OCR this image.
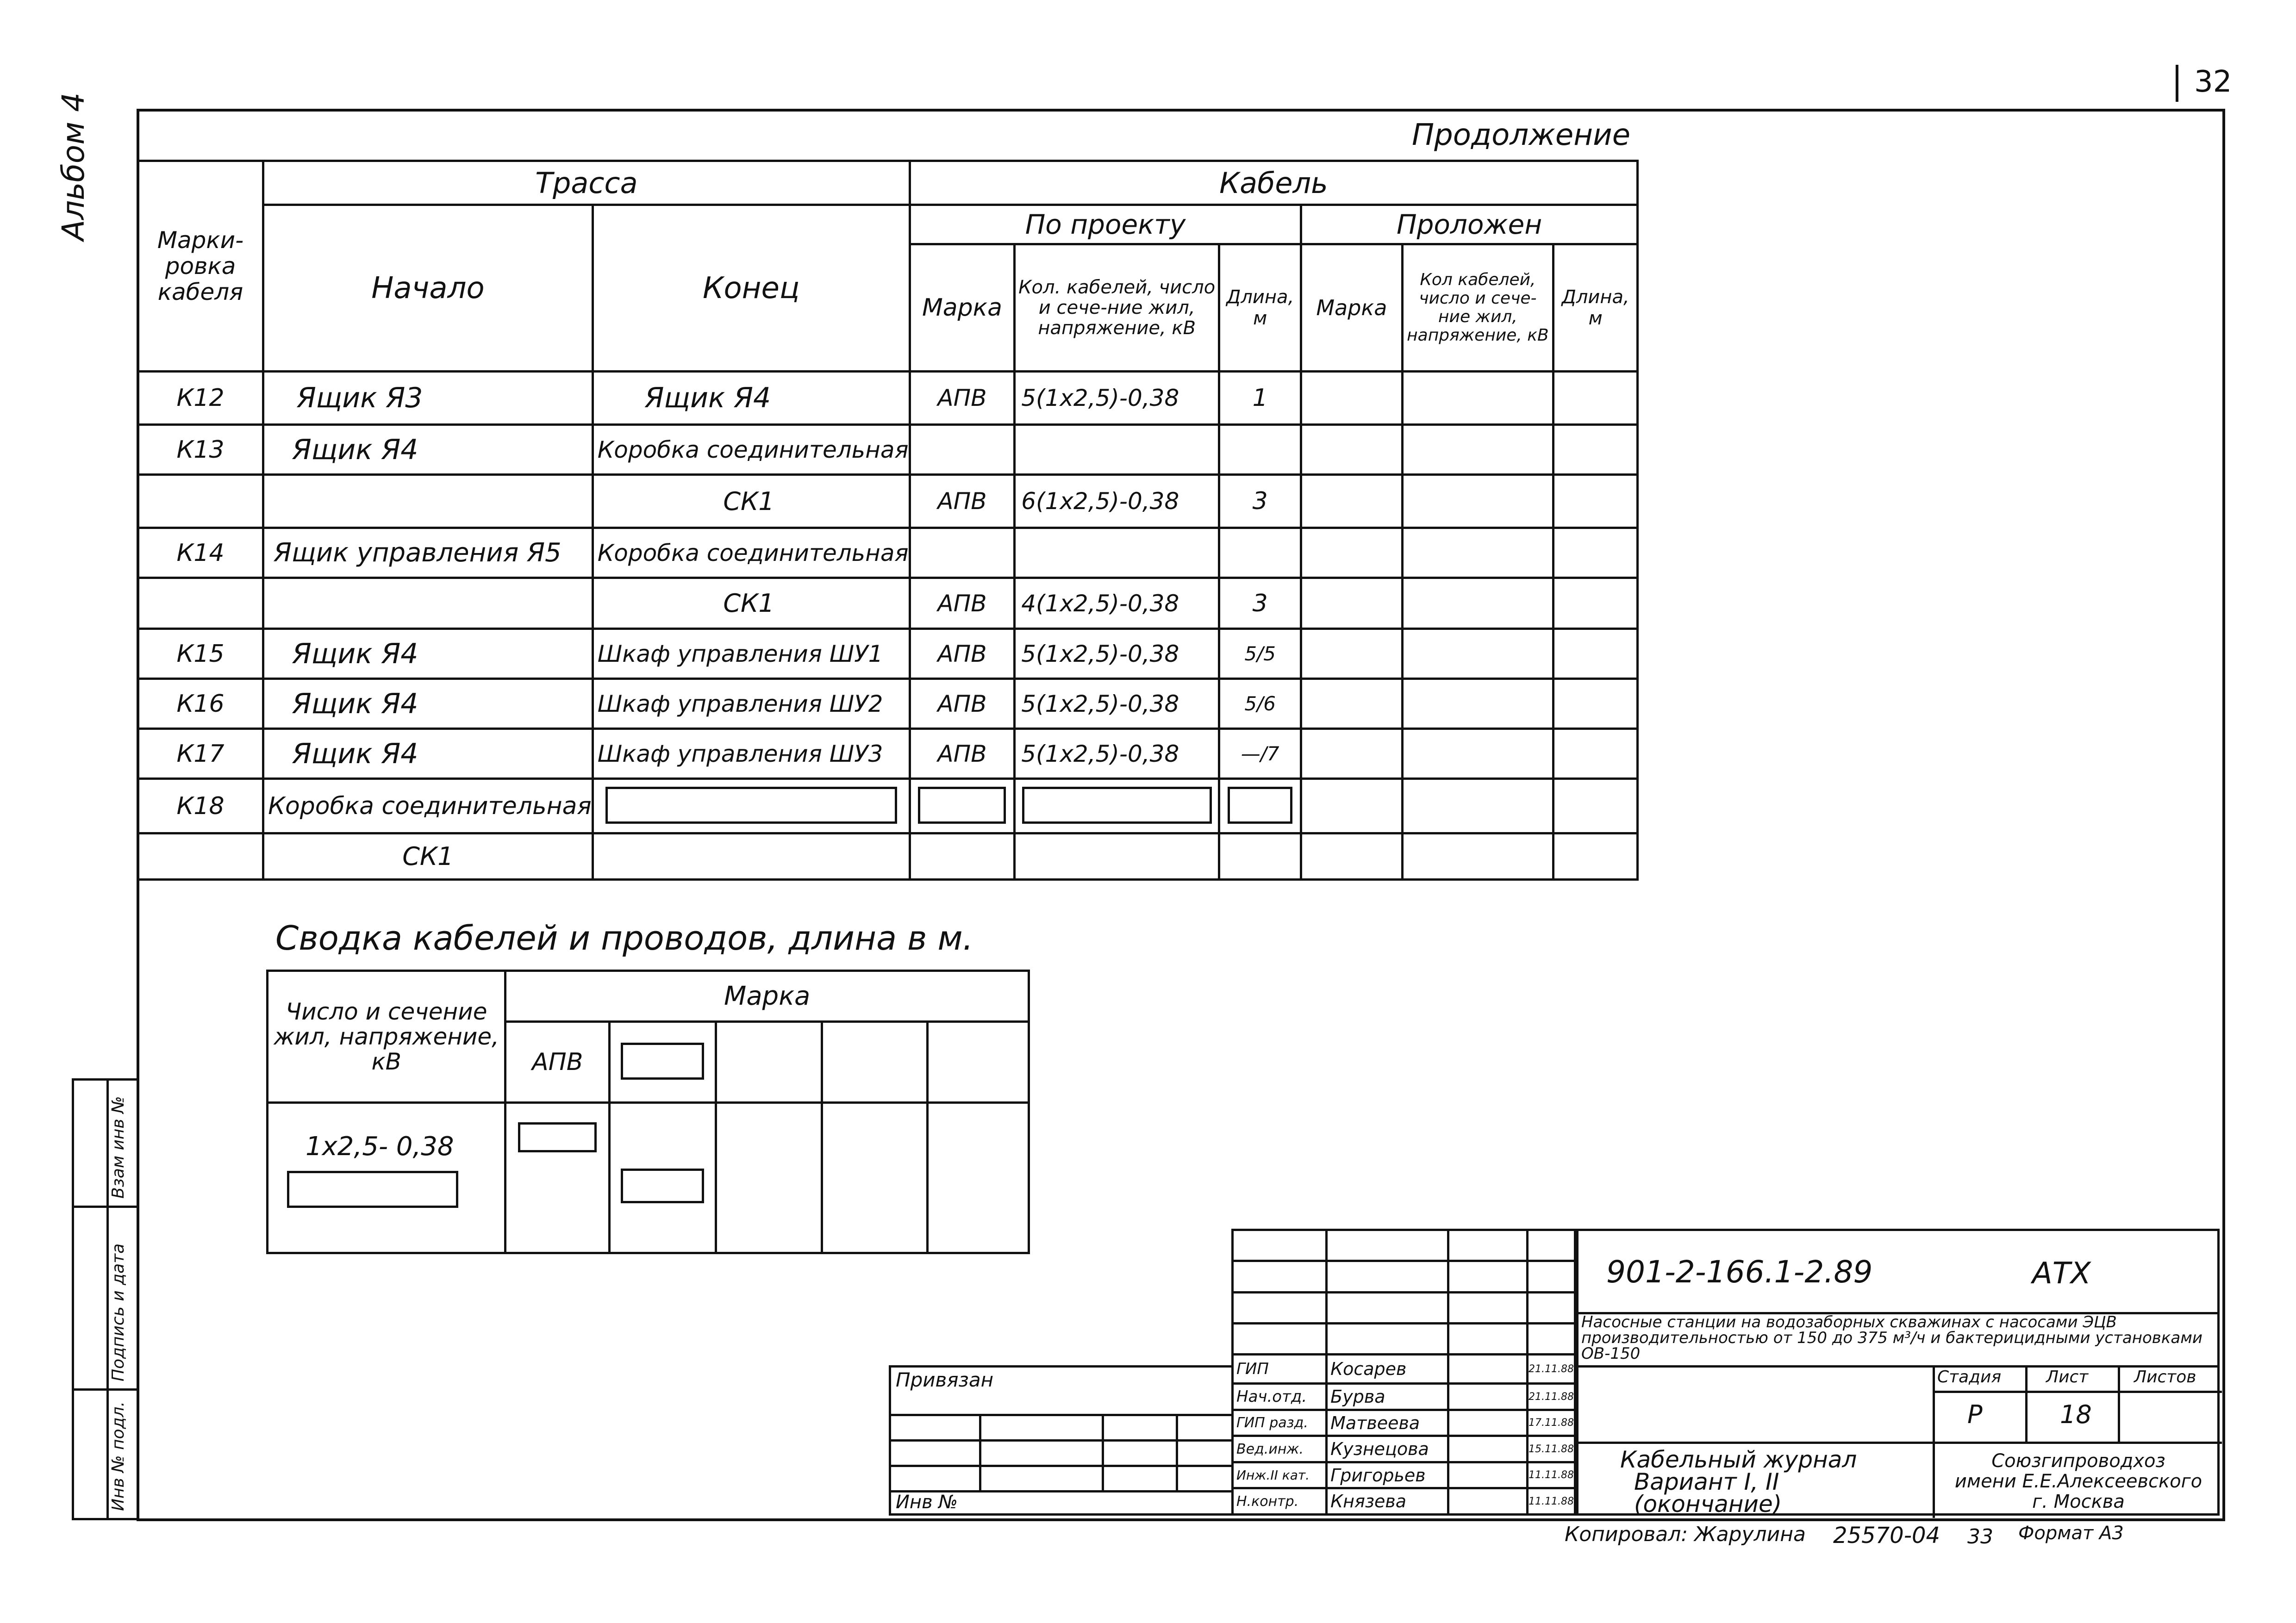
32
Альбом 4
Инв № подл.
Подпись и дата
Взам инв №
Продолжение
Марки-ровка кабеля	Трасса		Кабель					
	Начало	Конец	По проекту			Проложен		
			Марка	Кол. кабелей, число и сече-ние жил, напряжение, кВ	Длина, м	Марка	Кол кабелей, число и сече-ние жил, напряжение, кВ	Длина, м
К12	Ящик Я3	Ящик Я4	АПВ	5(1х2,5)-0,38	1			
К13	Ящик Я4	Коробка соединительная						
		СК1	АПВ	6(1х2,5)-0,38	3			
К14	Ящик управления Я5	Коробка соединительная						
		СК1	АПВ	4(1х2,5)-0,38	3			
К15	Ящик Я4	Шкаф управления ШУ1	АПВ	5(1х2,5)-0,38	5/5			
К16	Ящик Я4	Шкаф управления ШУ2	АПВ	5(1х2,5)-0,38	5/6			
К17	Ящик Я4	Шкаф управления ШУ3	АПВ	5(1х2,5)-0,38	—/7			
К18	Коробка соединительная							
	СК1							
Сводка кабелей и проводов, длина в м.
Число и сечение жил, напряжение, кВ	Марка				
	АПВ				

1х2,5- 0,38					

ГИП	Косарев		21.11.88
Нач.отд.	Бурва		21.11.88
ГИП разд.	Матвеева		17.11.88
Вед.инж.	Кузнецова		15.11.88
Инж.II кат.	Григорьев		11.11.88
Н.контр.	Князева		11.11.88
901-2-166.1-2.89	АТХ
Насосные станции на водозаборных скважинах с насосами ЭЦВ производительностью от 150 до 375 м³/ч и бактерицидными установками ОВ-150
Стадия	Лист	Листов
Р	18
Кабельный журнал
Вариант I, II
(окончание)
Союзгипроводхоз
имени Е.Е.Алексеевского
г. Москва
Привязан
Инв №
Копировал: Жарулина 25570-04 33 Формат А3
